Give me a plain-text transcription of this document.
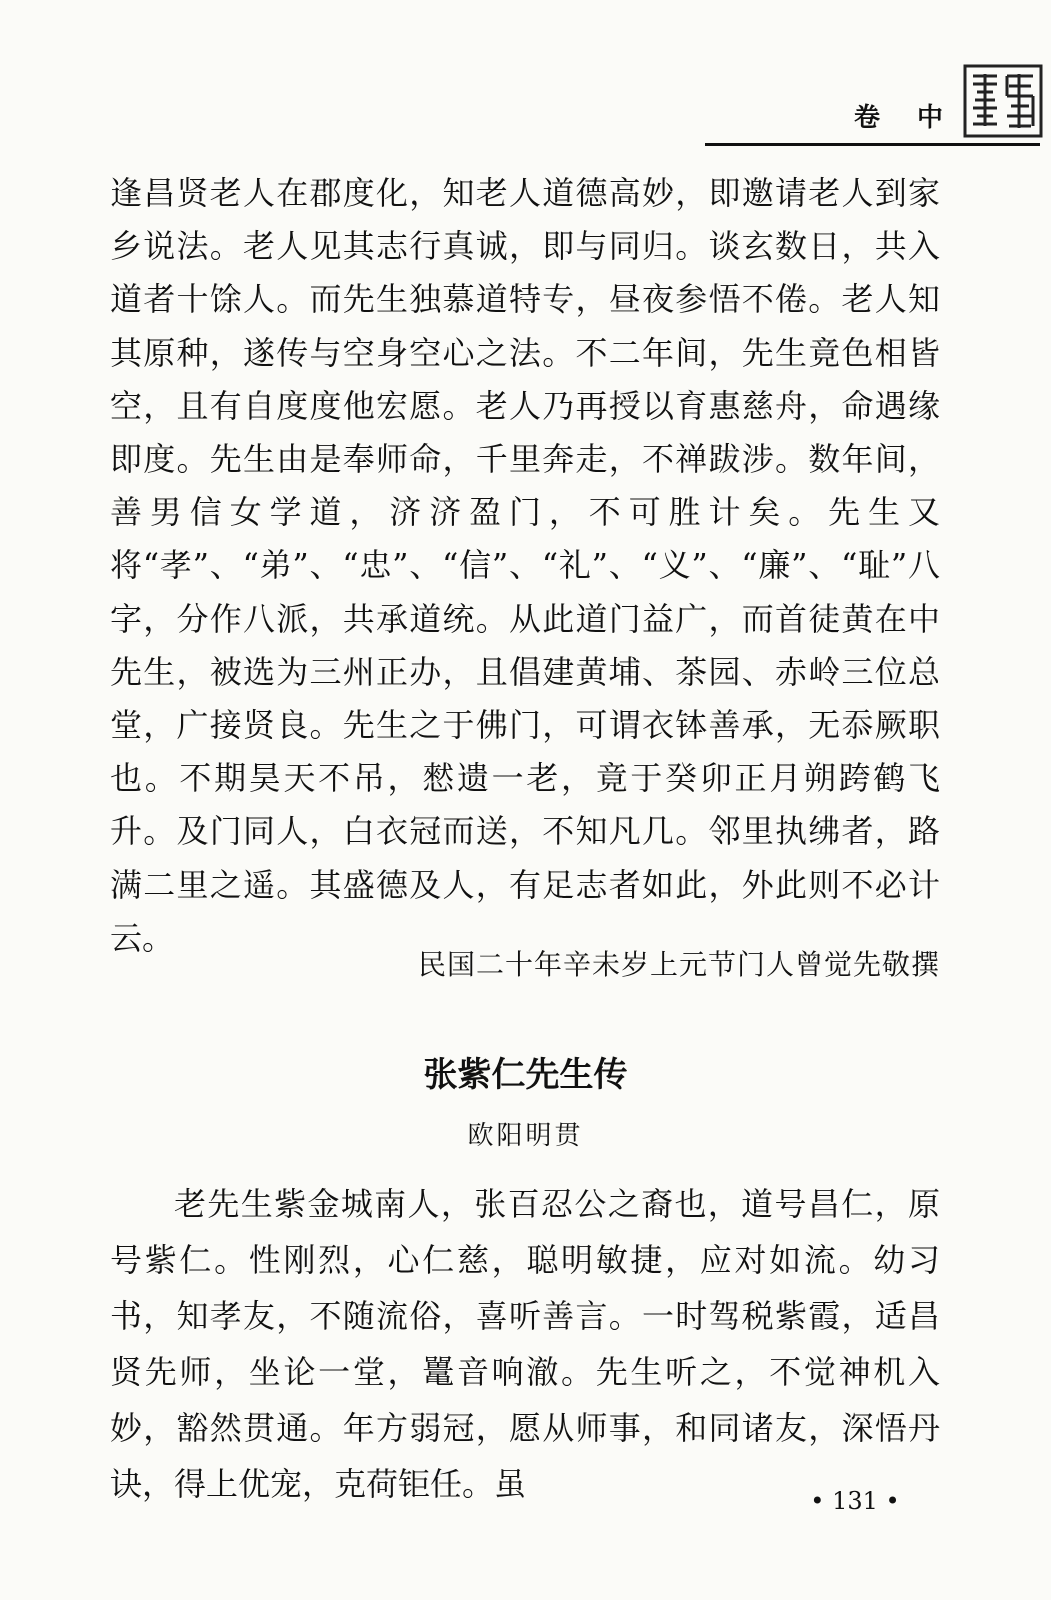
卷 中

逢昌贤老人在郡度化，知老人道德高妙，即邀请老人到家乡说法。老人见其志行真诚，即与同归。谈玄数日，共入道者十馀人。而先生独慕道特专，昼夜参悟不倦。老人知其原种，遂传与空身空心之法。不二年间，先生竟色相皆空，且有自度度他宏愿。老人乃再授以育惠慈舟，命遇缘即度。先生由是奉师命，千里奔走，不禅跋涉。数年间，善男信女学道，济济盈门，不可胜计矣。先生又将“孝”、“弟”、“忠”、“信”、“礼”、“义”、“廉”、“耻”八字，分作八派，共承道统。从此道门益广，而首徒黄在中先生，被选为三州正办，且倡建黄埔、茶园、赤岭三位总堂，广接贤良。先生之于佛门，可谓衣钵善承，无忝厥职也。不期昊天不吊，憖遗一老，竟于癸卯正月朔跨鹤飞升。及门同人，白衣冠而送，不知凡几。邻里执绋者，路满二里之遥。其盛德及人，有足志者如此，外此则不必计云。

民国二十年辛未岁上元节门人曾觉先敬撰
张紫仁先生传
欧阳明贯

老先生紫金城南人，张百忍公之裔也，道号昌仁，原号紫仁。性刚烈，心仁慈，聪明敏捷，应对如流。幼习书，知孝友，不随流俗，喜听善言。一时驾税紫霞，适昌贤先师，坐论一堂，鼍音响澈。先生听之，不觉神机入妙，豁然贯通。年方弱冠，愿从师事，和同诸友，深悟丹诀，得上优宠，克荷钜任。虽	• 131 •
